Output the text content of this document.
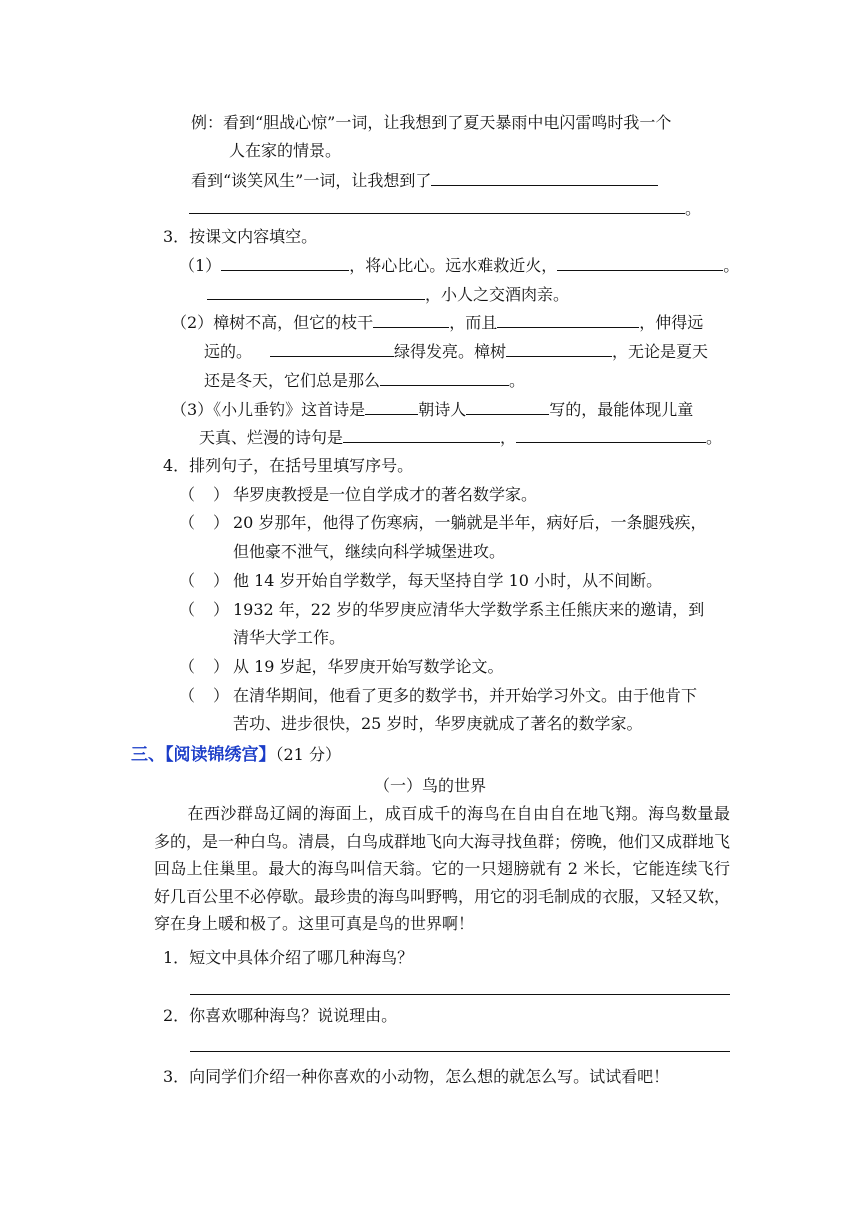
例：看到“胆战心惊”一词，让我想到了夏天暴雨中电闪雷鸣时我一个
人在家的情景。
看到“谈笑风生”一词，让我想到了
。
3．按课文内容填空。
（1）	，将心比心。远水难救近火，	。
，小人之交酒肉亲。
（2）樟树不高，但它的枝干	，而且	，伸得远
远的。	绿得发亮。樟树	，无论是夏天
还是冬天，它们总是那么	。
（3）《小儿垂钓》这首诗是	朝诗人	写的，最能体现儿童
天真、烂漫的诗句是	，	。
4．排列句子，在括号里填写序号。
（ ） 华罗庚教授是一位自学成才的著名数学家。
（ ） 20 岁那年，他得了伤寒病，一躺就是半年，病好后，一条腿残疾，
但他豪不泄气，继续向科学城堡进攻。
（ ） 他 14 岁开始自学数学，每天坚持自学 10 小时，从不间断。
（ ） 1932 年，22 岁的华罗庚应清华大学数学系主任熊庆来的邀请，到
清华大学工作。
（ ） 从 19 岁起，华罗庚开始写数学论文。
（ ） 在清华期间，他看了更多的数学书，并开始学习外文。由于他肯下
苦功、进步很快，25 岁时，华罗庚就成了著名的数学家。
三、【阅读锦绣宫】（21 分）
（一）鸟的世界
在西沙群岛辽阔的海面上，成百成千的海鸟在自由自在地飞翔。海鸟数量最多的，是一种白鸟。清晨，白鸟成群地飞向大海寻找鱼群；傍晚，他们又成群地飞回岛上住巢里。最大的海鸟叫信天翁。它的一只翅膀就有 2 米长，它能连续飞行好几百公里不必停歇。最珍贵的海鸟叫野鸭，用它的羽毛制成的衣服，又轻又软，穿在身上暖和极了。这里可真是鸟的世界啊！
1．短文中具体介绍了哪几种海鸟？
2．你喜欢哪种海鸟？说说理由。
3．向同学们介绍一种你喜欢的小动物，怎么想的就怎么写。试试看吧！
